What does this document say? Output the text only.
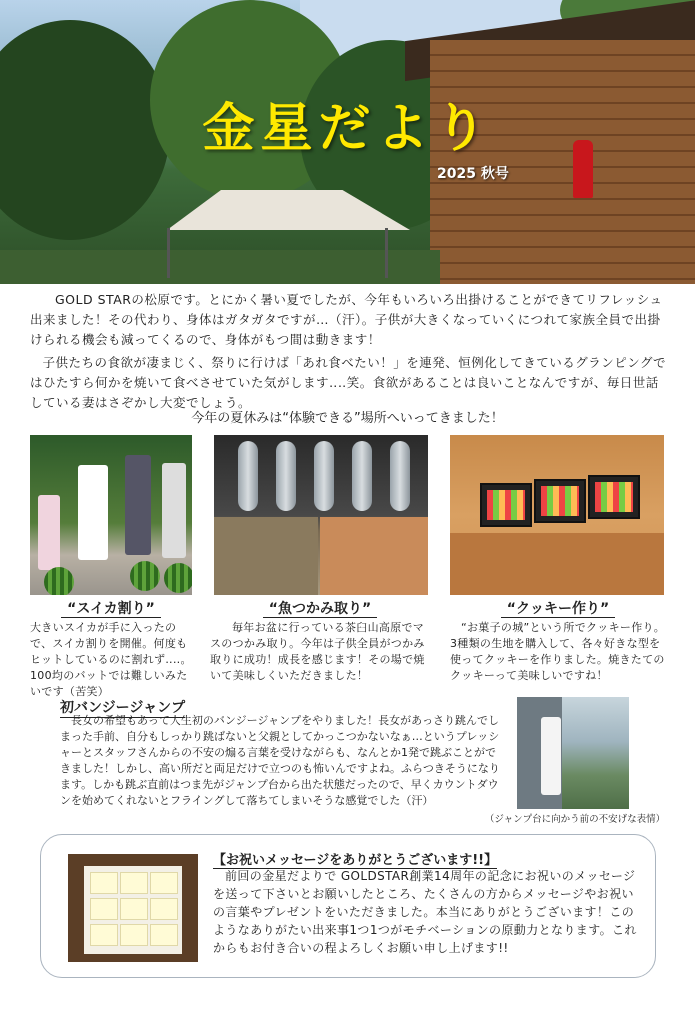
金星だより
2025 秋号
GOLD STARの松原です。とにかく暑い夏でしたが、今年もいろいろ出掛けることができてリフレッシュ出来ました！その代わり、身体はガタガタですが…（汗）。子供が大きくなっていくにつれて家族全員で出掛けられる機会も減ってくるので、身体がもつ間は動きます！
子供たちの食欲が凄まじく、祭りに行けば「あれ食べたい！」を連発、恒例化してきているグランピングではひたすら何かを焼いて食べさせていた気がします‥‥笑。食欲があることは良いことなんですが、毎日世話している妻はさぞかし大変でしょう。
今年の夏休みは“体験できる”場所へいってきました！
“スイカ割り”
大きいスイカが手に入ったので、スイカ割りを開催。何度もヒットしているのに割れず‥‥。100均のバットでは難しいみたいです（苦笑）
“魚つかみ取り”
毎年お盆に行っている茶臼山高原でマスのつかみ取り。今年は子供全員がつかみ取りに成功！成長を感じます！その場で焼いて美味しくいただきました！
“クッキー作り”
“お菓子の城”という所でクッキー作り。3種類の生地を購入して、各々好きな型を使ってクッキーを作りました。焼きたてのクッキーって美味しいですね！
初バンジージャンプ
長女の希望もあって人生初のバンジージャンプをやりました！長女があっさり跳んでしまった手前、自分もしっかり跳ばないと父親としてかっこつかないなぁ…というプレッシャーとスタッフさんからの不安の煽る言葉を受けながらも、なんとか1発で跳ぶことができました！しかし、高い所だと両足だけで立つのも怖いんですよね。ふらつきそうになります。しかも跳ぶ直前はつま先がジャンプ台から出た状態だったので、早くカウントダウンを始めてくれないとフライングして落ちてしまいそうな感覚でした（汗）
（ジャンプ台に向かう前の不安げな表情）
【お祝いメッセージをありがとうございます!!】
前回の金星だよりで GOLDSTAR創業14周年の記念にお祝いのメッセージを送って下さいとお願いしたところ、たくさんの方からメッセージやお祝いの言葉やプレゼントをいただきました。本当にありがとうございます！このようなありがたい出来事1つ1つがモチベーションの原動力となります。これからもお付き合いの程よろしくお願い申し上げます!!
